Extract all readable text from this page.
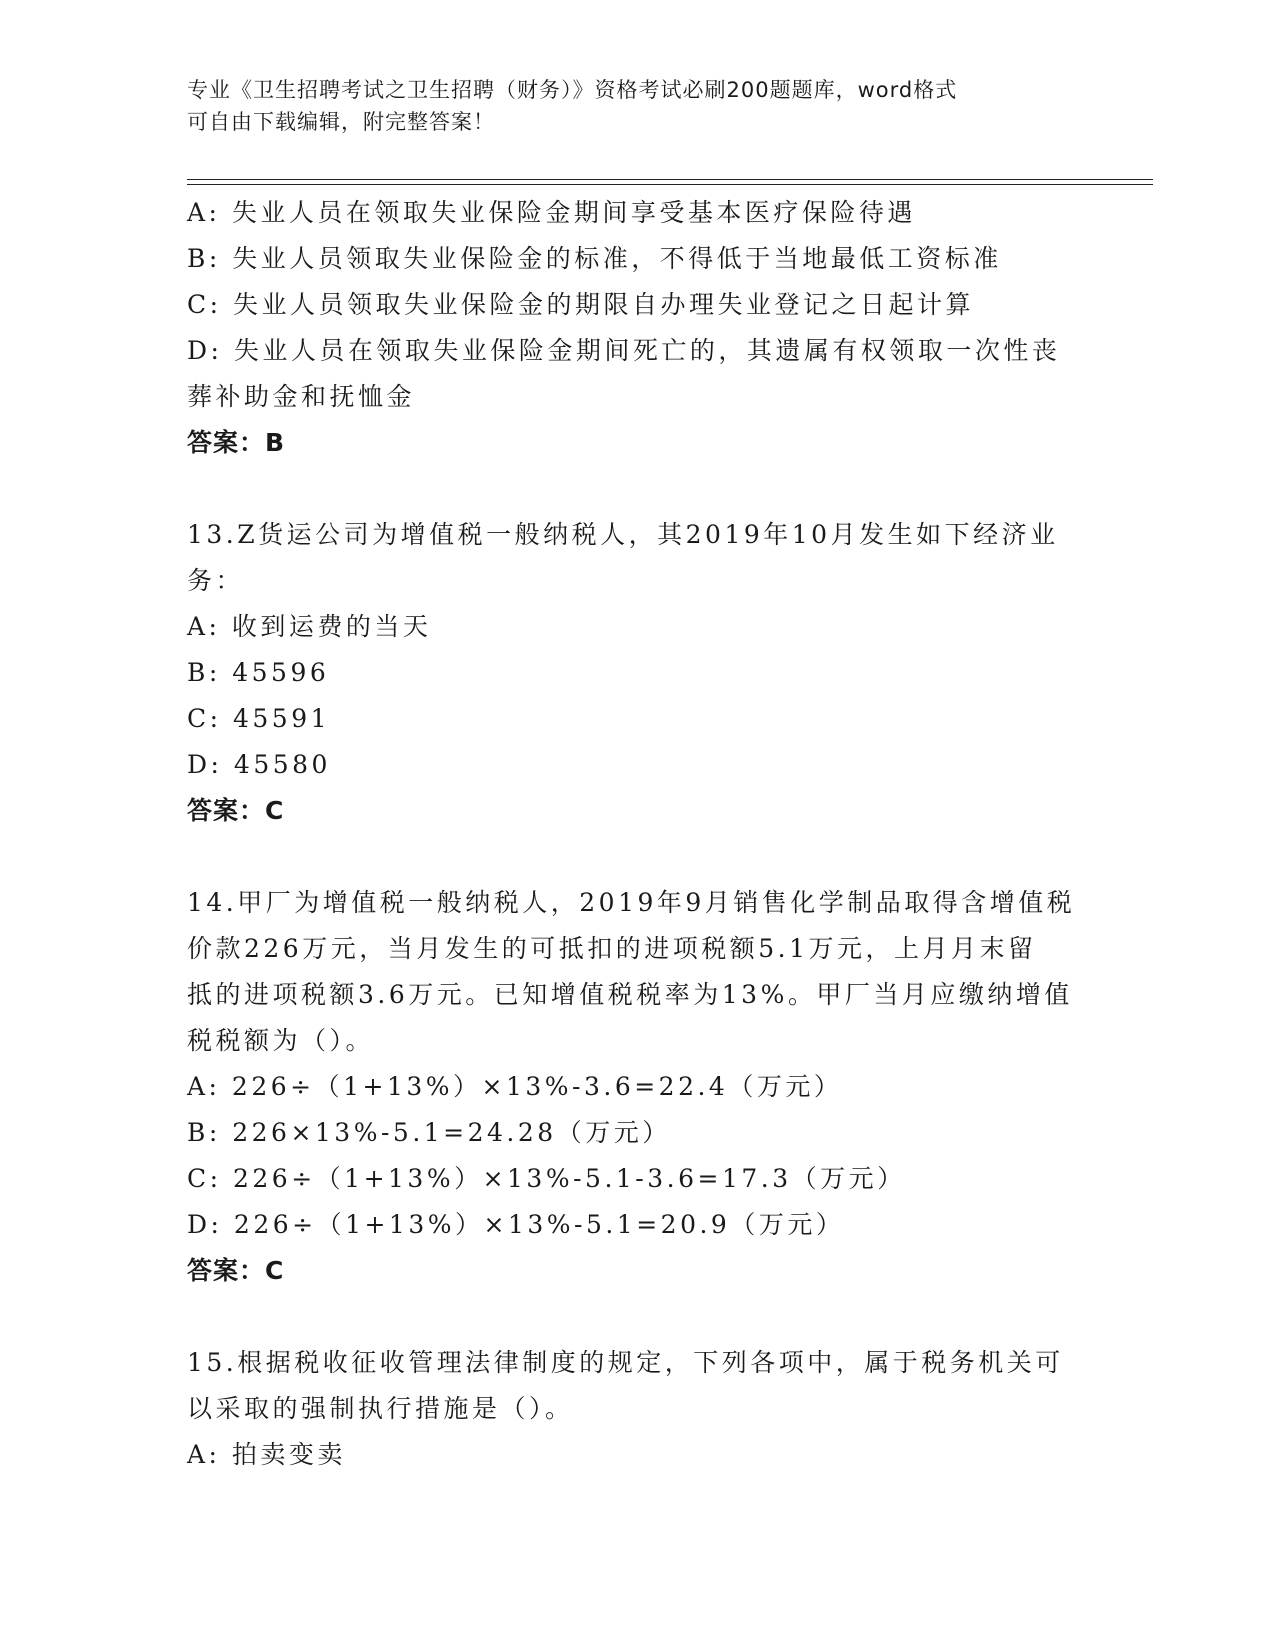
专业《卫生招聘考试之卫生招聘（财务）》资格考试必刷200题题库，word格式
可自由下载编辑，附完整答案！
A: 失业人员在领取失业保险金期间享受基本医疗保险待遇
B: 失业人员领取失业保险金的标准，不得低于当地最低工资标准
C: 失业人员领取失业保险金的期限自办理失业登记之日起计算
D: 失业人员在领取失业保险金期间死亡的，其遗属有权领取一次性丧
葬补助金和抚恤金
答案：B
13.Z货运公司为增值税一般纳税人，其2019年10月发生如下经济业
务：
A: 收到运费的当天
B: 45596
C: 45591
D: 45580
答案：C
14.甲厂为增值税一般纳税人，2019年9月销售化学制品取得含增值税
价款226万元，当月发生的可抵扣的进项税额5.1万元，上月月末留
抵的进项税额3.6万元。已知增值税税率为13%。甲厂当月应缴纳增值
税税额为（）。
A: 226÷（1+13%）×13%-3.6=22.4（万元）
B: 226×13%-5.1=24.28（万元）
C: 226÷（1+13%）×13%-5.1-3.6=17.3（万元）
D: 226÷（1+13%）×13%-5.1=20.9（万元）
答案：C
15.根据税收征收管理法律制度的规定，下列各项中，属于税务机关可
以采取的强制执行措施是（）。
A: 拍卖变卖
